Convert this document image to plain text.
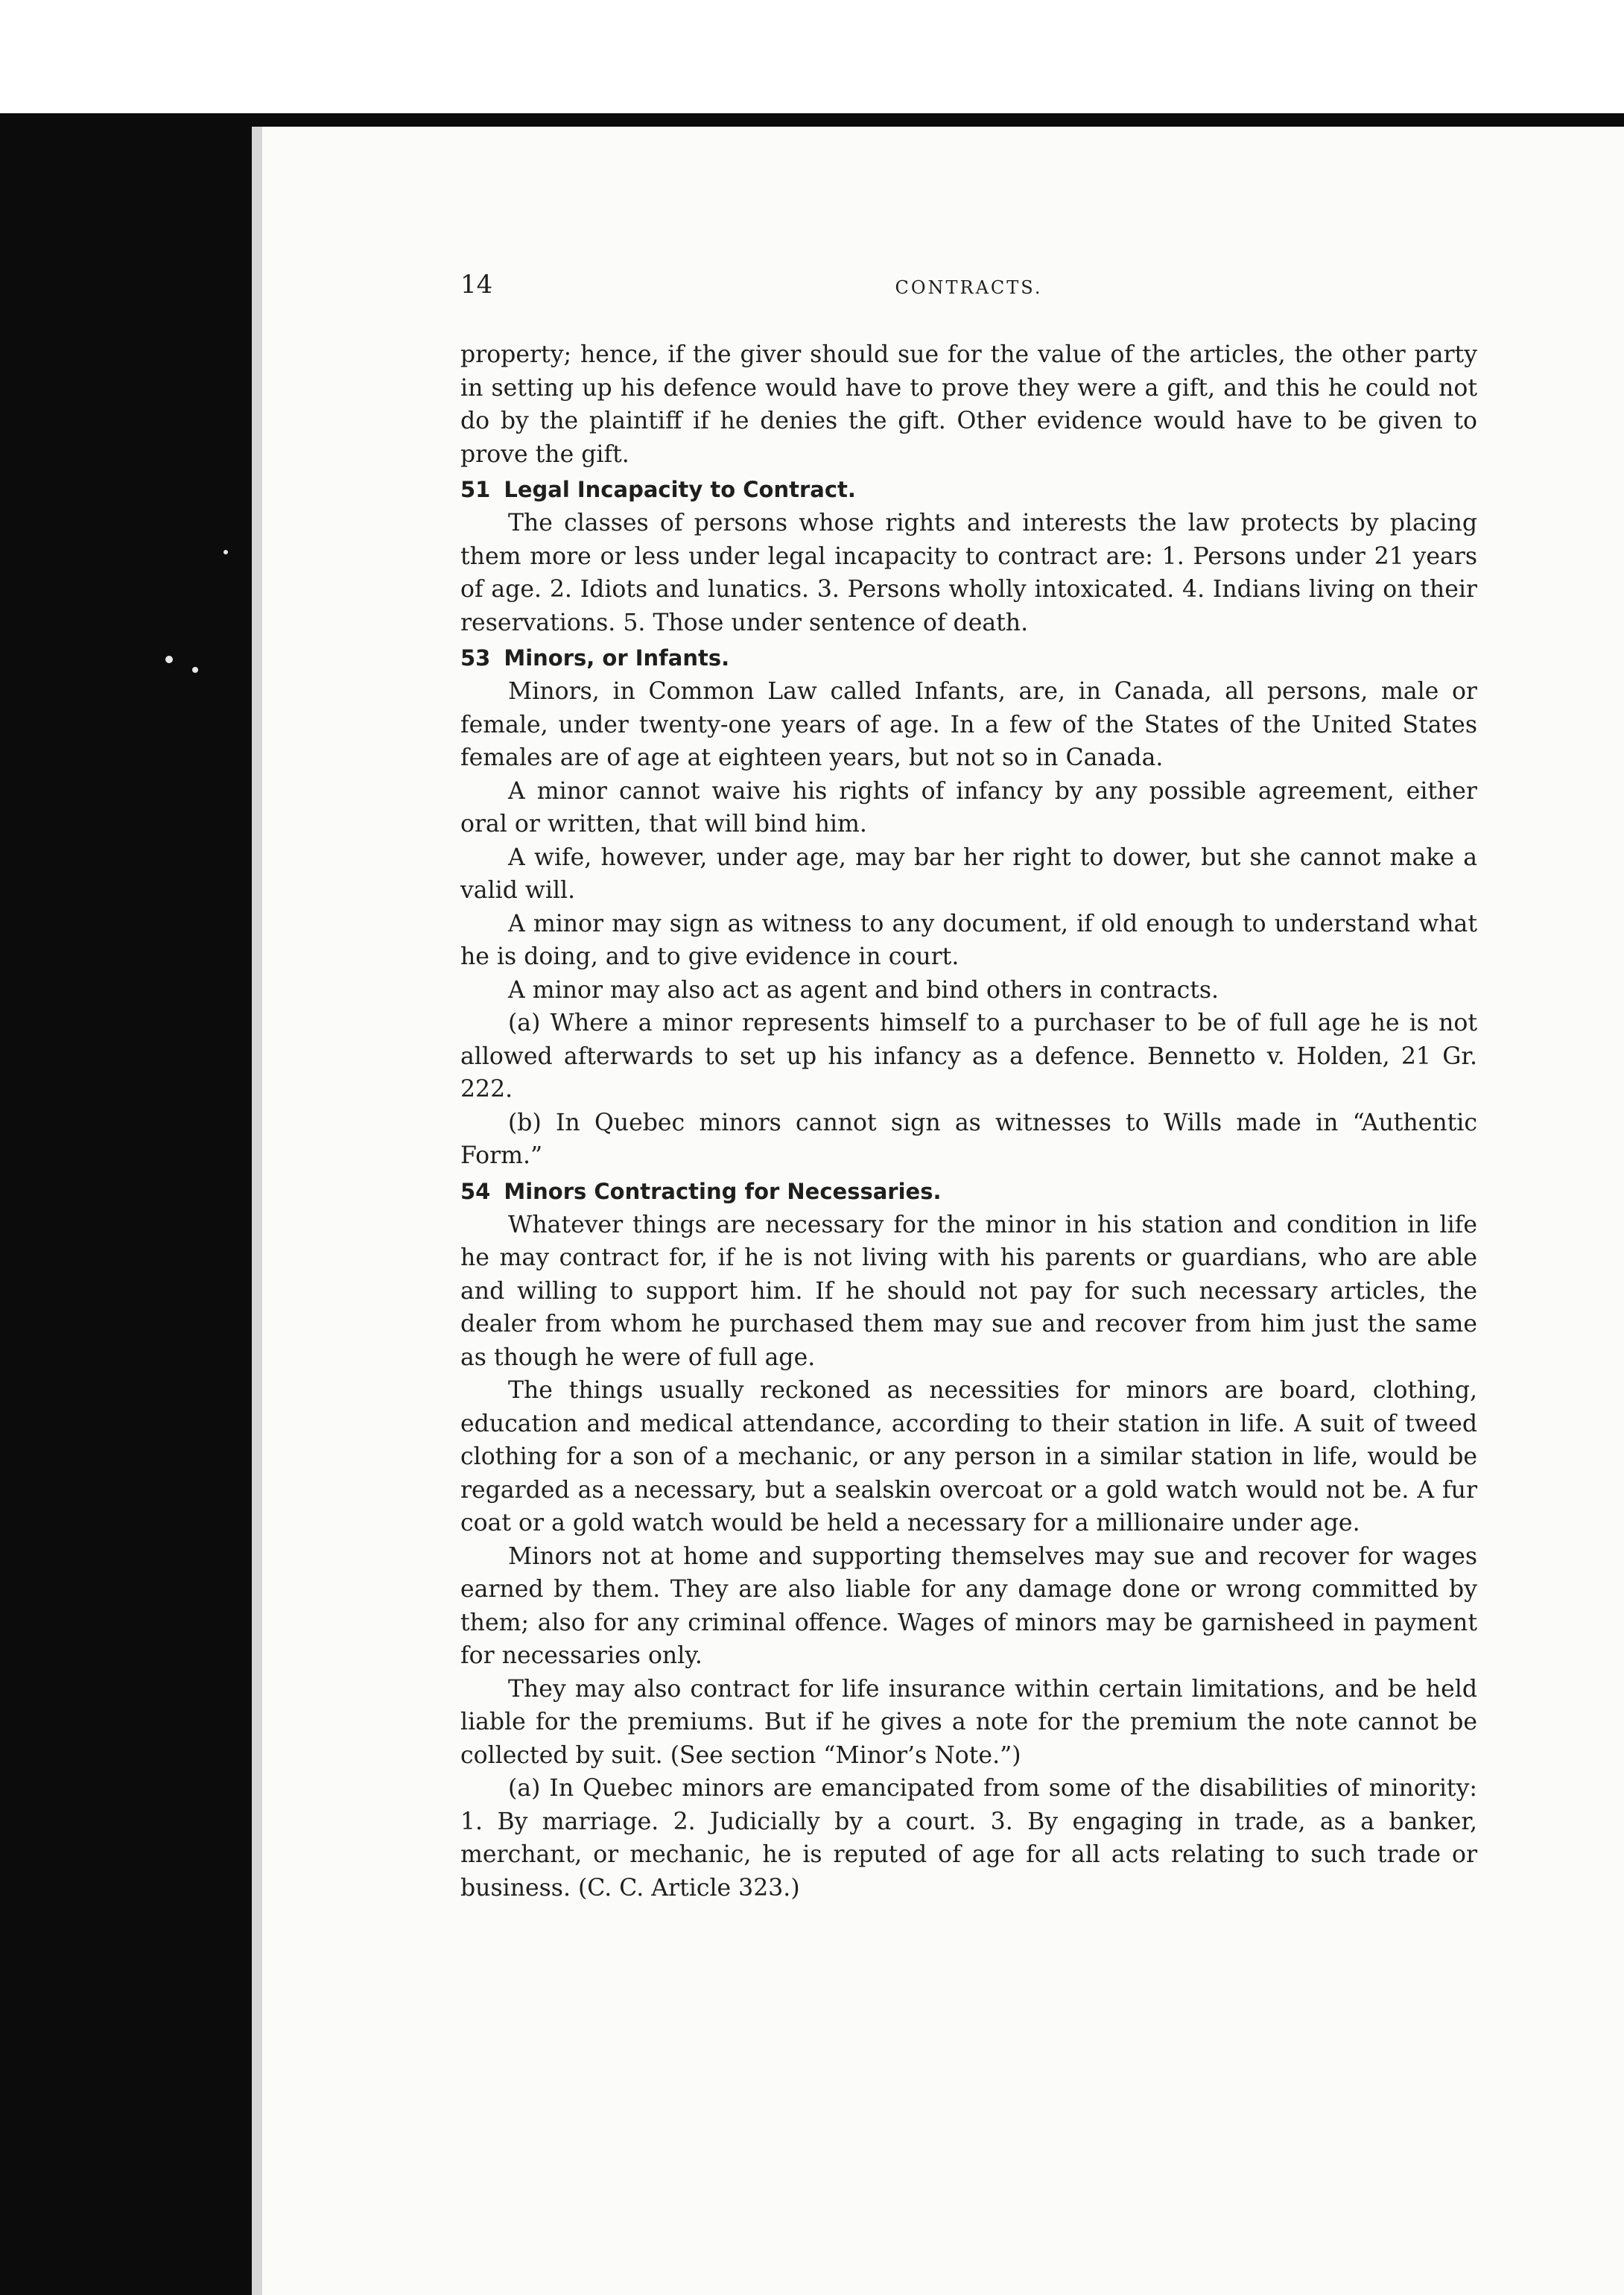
14	CONTRACTS.

property; hence, if the giver should sue for the value of the articles, the other party in setting up his defence would have to prove they were a gift, and this he could not do by the plaintiff if he denies the gift. Other evidence would have to be given to prove the gift.

51 Legal Incapacity to Contract.

The classes of persons whose rights and interests the law protects by placing them more or less under legal incapacity to contract are: 1. Persons under 21 years of age. 2. Idiots and lunatics. 3. Persons wholly intoxicated. 4. Indians living on their reservations. 5. Those under sentence of death.

53 Minors, or Infants.

Minors, in Common Law called Infants, are, in Canada, all persons, male or female, under twenty-one years of age. In a few of the States of the United States females are of age at eighteen years, but not so in Canada.

A minor cannot waive his rights of infancy by any possible agreement, either oral or written, that will bind him.

A wife, however, under age, may bar her right to dower, but she cannot make a valid will.

A minor may sign as witness to any document, if old enough to understand what he is doing, and to give evidence in court.

A minor may also act as agent and bind others in contracts.

(a) Where a minor represents himself to a purchaser to be of full age he is not allowed afterwards to set up his infancy as a defence. Bennetto v. Holden, 21 Gr. 222.

(b) In Quebec minors cannot sign as witnesses to Wills made in “Authentic Form.”

54 Minors Contracting for Necessaries.

Whatever things are necessary for the minor in his station and condition in life he may contract for, if he is not living with his parents or guardians, who are able and willing to support him. If he should not pay for such necessary articles, the dealer from whom he purchased them may sue and recover from him just the same as though he were of full age.

The things usually reckoned as necessities for minors are board, clothing, education and medical attendance, according to their station in life. A suit of tweed clothing for a son of a mechanic, or any person in a similar station in life, would be regarded as a necessary, but a sealskin overcoat or a gold watch would not be. A fur coat or a gold watch would be held a necessary for a millionaire under age.

Minors not at home and supporting themselves may sue and recover for wages earned by them. They are also liable for any damage done or wrong committed by them; also for any criminal offence. Wages of minors may be garnisheed in payment for necessaries only.

They may also contract for life insurance within certain limitations, and be held liable for the premiums. But if he gives a note for the premium the note cannot be collected by suit. (See section “Minor’s Note.”)

(a) In Quebec minors are emancipated from some of the disabilities of minority: 1. By marriage. 2. Judicially by a court. 3. By engaging in trade, as a banker, merchant, or mechanic, he is reputed of age for all acts relating to such trade or business. (C. C. Article 323.)
